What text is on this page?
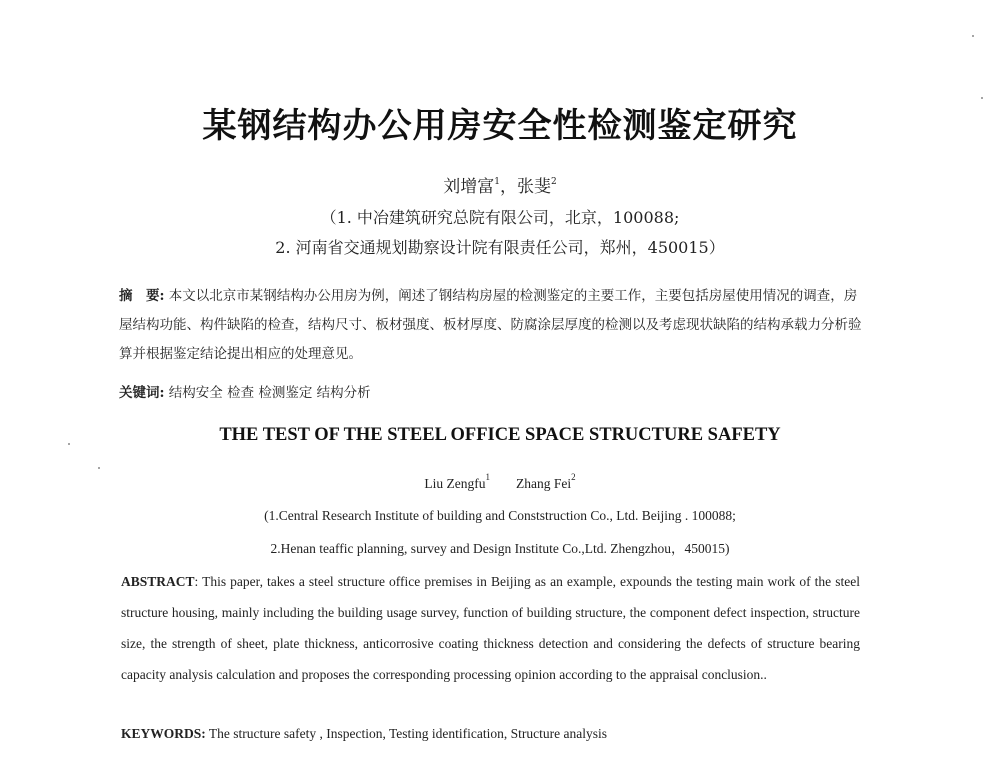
某钢结构办公用房安全性检测鉴定研究
刘增富$^1$，张斐$^2$
（1. 中冶建筑研究总院有限公司，北京，100088;
2. 河南省交通规划勘察设计院有限责任公司，郑州，450015）
摘　要: 本文以北京市某钢结构办公用房为例，阐述了钢结构房屋的检测鉴定的主要工作，主要包括房屋使用情况的调查，房屋结构功能、构件缺陷的检查，结构尺寸、板材强度、板材厚度、防腐涂层厚度的检测以及考虑现状缺陷的结构承载力分析验算并根据鉴定结论提出相应的处理意见。
关键词: 结构安全 检查 检测鉴定 结构分析
THE TEST OF THE STEEL OFFICE SPACE STRUCTURE SAFETY
Liu Zengfu$^1$ Zhang Fei$^2$
(1.Central Research Institute of building and Conststruction Co., Ltd. Beijing . 100088;
2.Henan teaffic planning, survey and Design Institute Co.,Ltd. Zhengzhou，450015)
ABSTRACT: This paper, takes a steel structure office premises in Beijing as an example, expounds the testing main work of the steel structure housing, mainly including the building usage survey, function of building structure, the component defect inspection, structure size, the strength of sheet, plate thickness, anticorrosive coating thickness detection and considering the defects of structure bearing capacity analysis calculation and proposes the corresponding processing opinion according to the appraisal conclusion..
KEYWORDS: The structure safety , Inspection, Testing identification, Structure analysis
